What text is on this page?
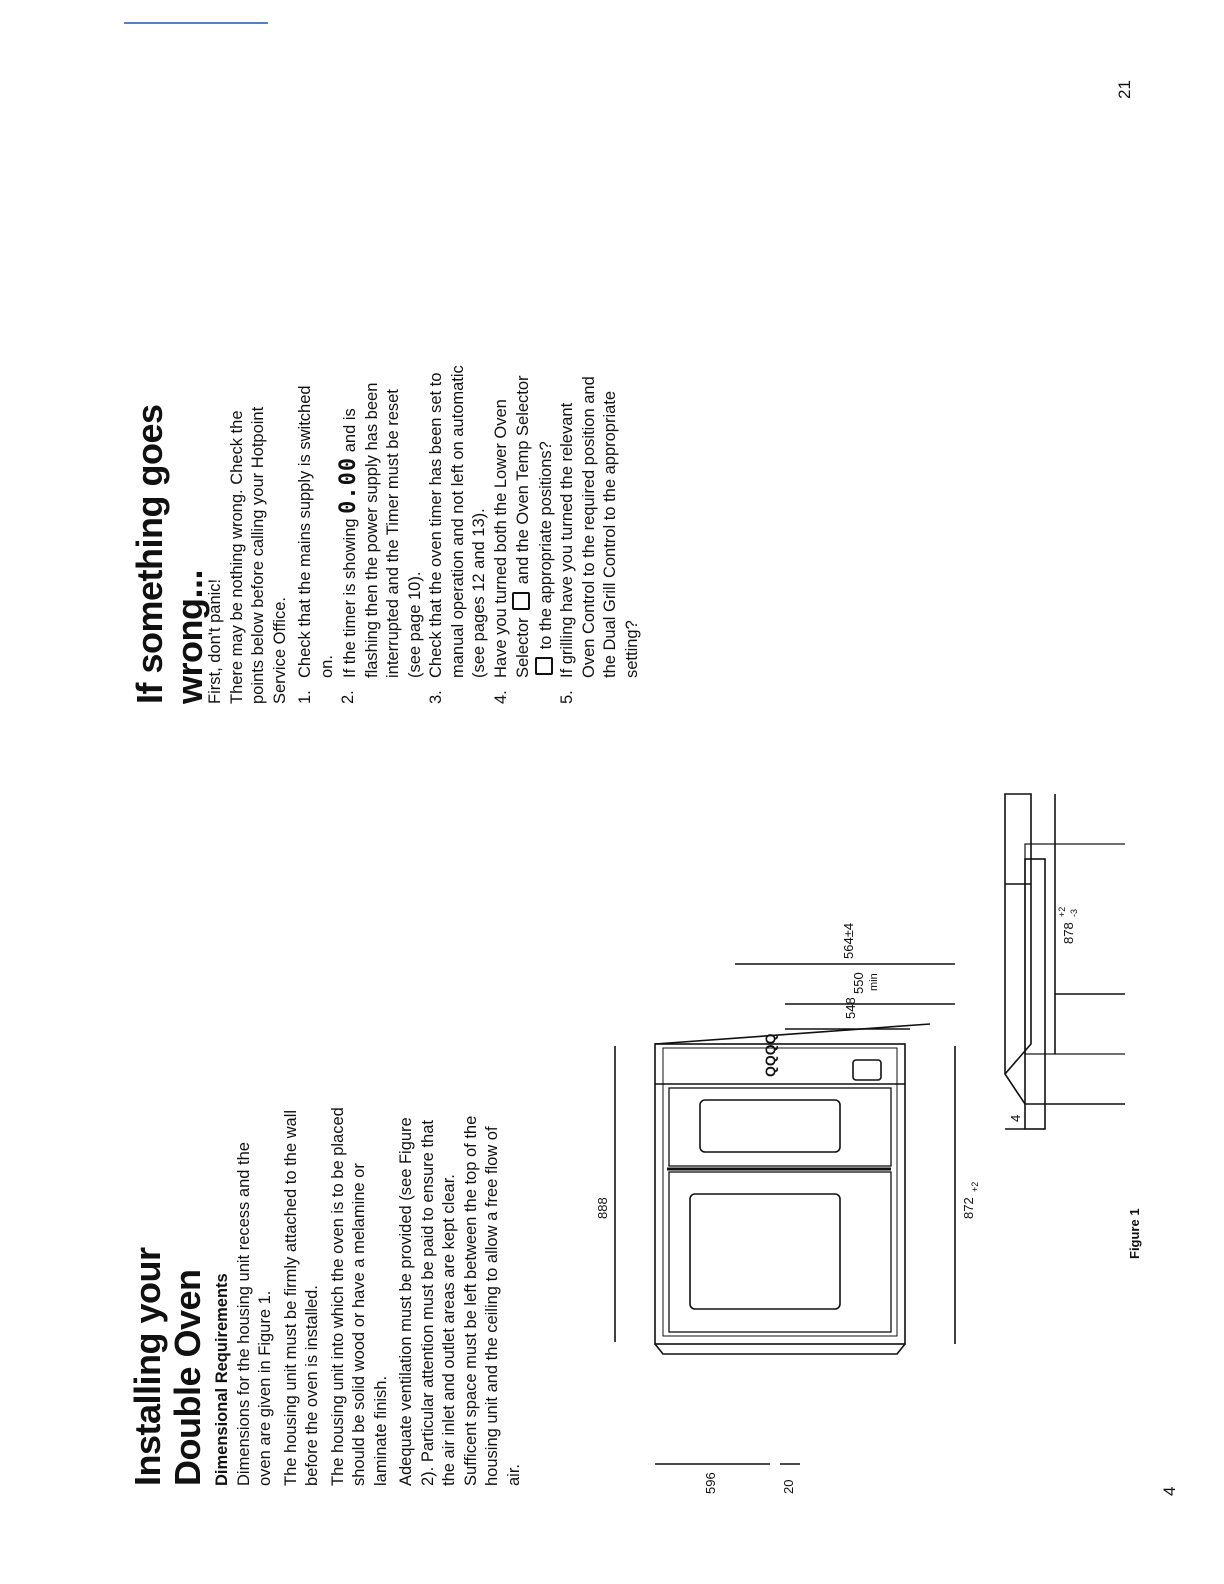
4
Installing your Double Oven Dimensional Requirements Dimensions for the housing unit recess and the oven are given in Figure 1. The housing unit must be firmly attached to the wall before the oven is installed. The housing unit into which the oven is to be placed should be solid wood or have a melamine or laminate finish. Adequate ventilation must be provided (see Figure 2). Particular attention must be paid to ensure that the air inlet and outlet areas are kept clear. Sufficent space must be left between the top of the housing unit and the ceiling to allow a free flow of air.

888
596	20
548
872
+2
4
878
+2 -3
550 min
564±4
QQQQ
Figure 1
21
If something goes wrong...

First, don't panic! There may be nothing wrong. Check the points below before calling your Hotpoint Service Office. 1.
Check that the mains supply is switched on.
2.
If the timer is showing 0.00 and is flashing then the power supply has been interrupted and the Timer must be reset (see page 10).
3.
Check that the oven timer has been set to manual operation and not left on automatic (see pages 12 and 13).
4.
Have you turned both the Lower Oven Selector  and the Oven Temp Selector to the appropriate positions?
5.
If grilling have you turned the relevant Oven Control to the required position and the Dual Grill Control to the appropriate setting?
